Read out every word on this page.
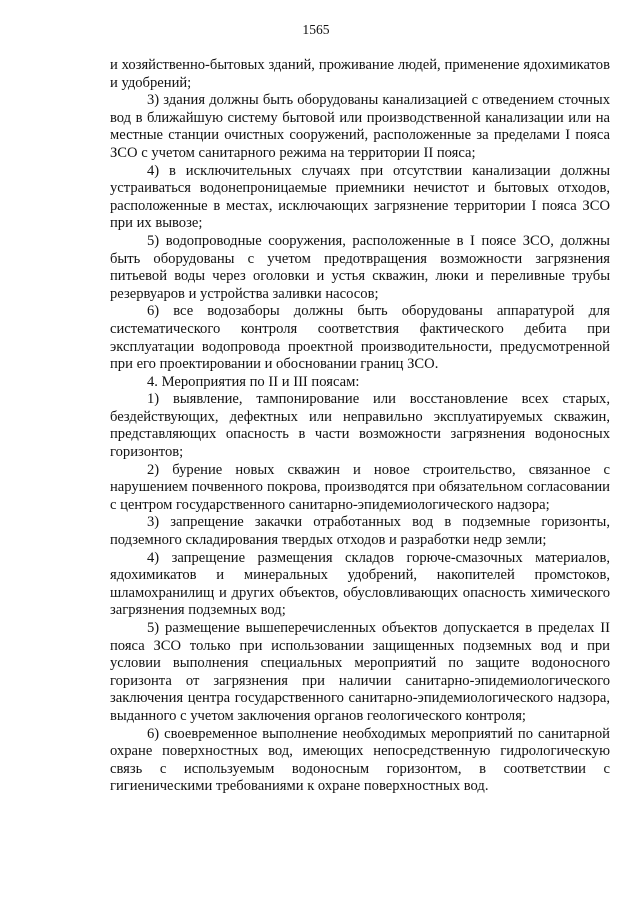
1565

и хозяйственно-бытовых зданий, проживание людей, применение ядохимикатов и удобрений;

3) здания должны быть оборудованы канализацией с отведением сточных вод в ближайшую систему бытовой или производственной канализации или на местные станции очистных сооружений, расположенные за пределами I пояса ЗСО с учетом санитарного режима на территории II пояса;

4) в исключительных случаях при отсутствии канализации должны устраиваться водонепроницаемые приемники нечистот и бытовых отходов, расположенные в местах, исключающих загрязнение территории I пояса ЗСО при их вывозе;

5) водопроводные сооружения, расположенные в I поясе ЗСО, должны быть оборудованы с учетом предотвращения возможности загрязнения питьевой воды через оголовки и устья скважин, люки и переливные трубы резервуаров и устройства заливки насосов;

6) все водозаборы должны быть оборудованы аппаратурой для систематического контроля соответствия фактического дебита при эксплуатации водопровода проектной производительности, предусмотренной при его проектировании и обосновании границ ЗСО.

4. Мероприятия по II и III поясам:

1) выявление, тампонирование или восстановление всех старых, бездействующих, дефектных или неправильно эксплуатируемых скважин, представляющих опасность в части возможности загрязнения водоносных горизонтов;

2) бурение новых скважин и новое строительство, связанное с нарушением почвенного покрова, производятся при обязательном согласовании с центром государственного санитарно-эпидемиологического надзора;

3) запрещение закачки отработанных вод в подземные горизонты, подземного складирования твердых отходов и разработки недр земли;

4) запрещение размещения складов горюче-смазочных материалов, ядохимикатов и минеральных удобрений, накопителей промстоков, шламохранилищ и других объектов, обусловливающих опасность химического загрязнения подземных вод;

5) размещение вышеперечисленных объектов допускается в пределах II пояса ЗСО только при использовании защищенных подземных вод и при условии выполнения специальных мероприятий по защите водоносного горизонта от загрязнения при наличии санитарно-эпидемиологического заключения центра государственного санитарно-эпидемиологического надзора, выданного с учетом заключения органов геологического контроля;

6) своевременное выполнение необходимых мероприятий по санитарной охране поверхностных вод, имеющих непосредственную гидрологическую связь с используемым водоносным горизонтом, в соответствии с гигиеническими требованиями к охране поверхностных вод.
